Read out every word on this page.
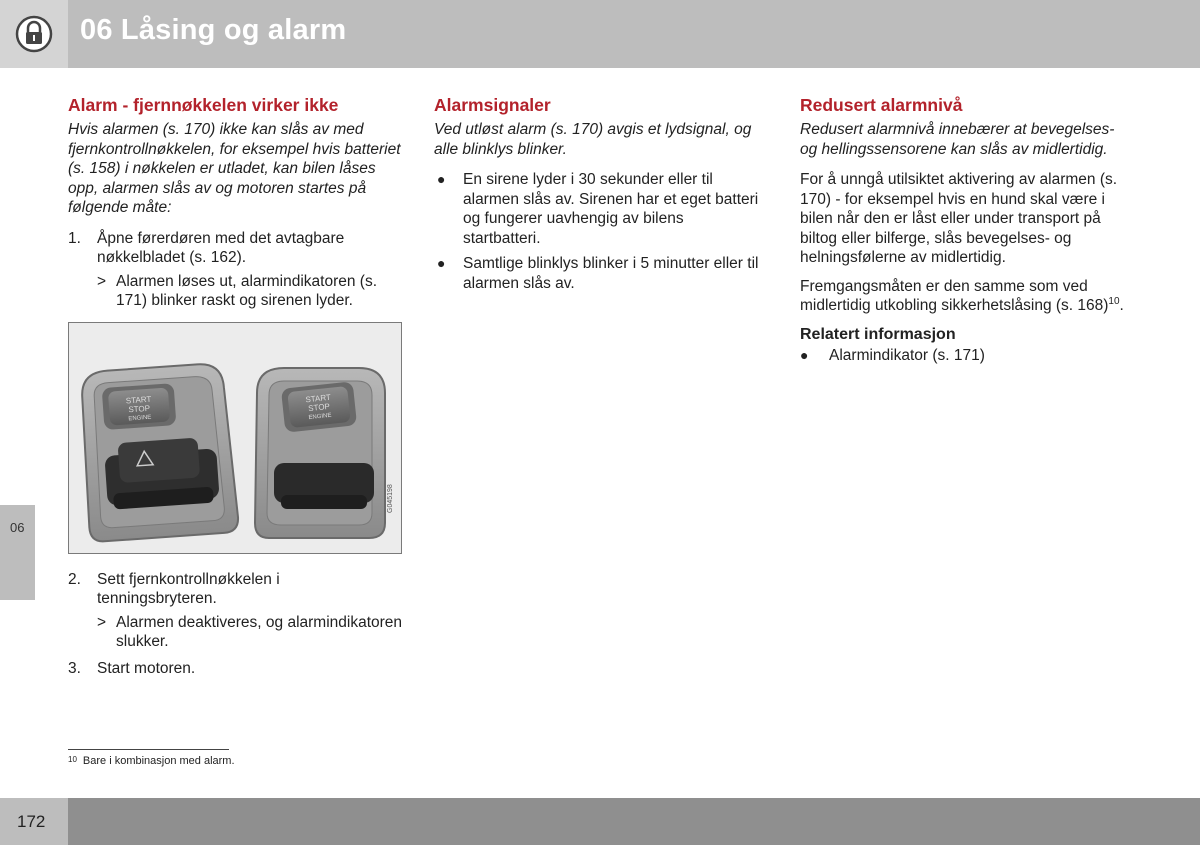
06 Låsing og alarm
06
Alarm - fjernnøkkelen virker ikke
Hvis alarmen (s. 170) ikke kan slås av med fjernkontrollnøkkelen, for eksempel hvis batteriet (s. 158) i nøkkelen er utladet, kan bilen låses opp, alarmen slås av og motoren startes på følgende måte:
1. Åpne førerdøren med det avtagbare nøkkelbladet (s. 162).
> Alarmen løses ut, alarmindikatoren (s. 171) blinker raskt og sirenen lyder.
START
STOP
ENGINE
START
STOP
ENGINE
G045198
2. Sett fjernkontrollnøkkelen i tenningsbryteren.
> Alarmen deaktiveres, og alarmindikatoren slukker.
3. Start motoren.
Alarmsignaler
Ved utløst alarm (s. 170) avgis et lydsignal, og alle blinklys blinker.
● En sirene lyder i 30 sekunder eller til alarmen slås av. Sirenen har et eget batteri og fungerer uavhengig av bilens startbatteri.
● Samtlige blinklys blinker i 5 minutter eller til alarmen slås av.
Redusert alarmnivå
Redusert alarmnivå innebærer at bevegelses- og hellingssensorene kan slås av midlertidig.

For å unngå utilsiktet aktivering av alarmen (s. 170) - for eksempel hvis en hund skal være i bilen når den er låst eller under transport på biltog eller bilferge, slås bevegelses- og helningsfølerne av midlertidig.

Fremgangsmåten er den samme som ved midlertidig utkobling sikkerhetslåsing (s. 168)$^{10}$.

Relatert informasjon
● Alarmindikator (s. 171)
$^{10}$ Bare i kombinasjon med alarm.
172
